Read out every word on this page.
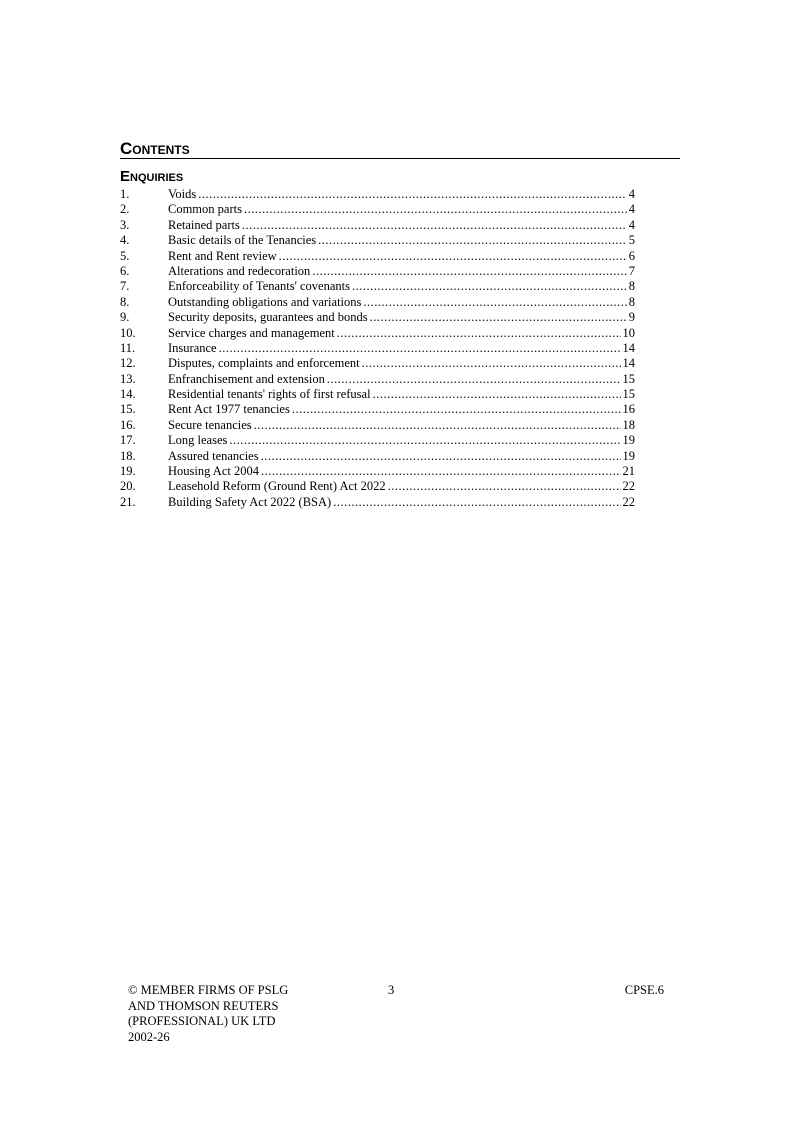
Contents
Enquiries
1.	Voids .....	4
2.	Common parts .....	4
3.	Retained parts .....	4
4.	Basic details of the Tenancies .....	5
5.	Rent and Rent review .....	6
6.	Alterations and redecoration .....	7
7.	Enforceability of Tenants' covenants .....	8
8.	Outstanding obligations and variations .....	8
9.	Security deposits, guarantees and bonds .....	9
10.	Service charges and management .....	10
11.	Insurance .....	14
12.	Disputes, complaints and enforcement .....	14
13.	Enfranchisement and extension .....	15
14.	Residential tenants' rights of first refusal .....	15
15.	Rent Act 1977 tenancies .....	16
16.	Secure tenancies .....	18
17.	Long leases .....	19
18.	Assured tenancies .....	19
19.	Housing Act 2004 .....	21
20.	Leasehold Reform (Ground Rent) Act 2022 .....	22
21.	Building Safety Act 2022 (BSA) .....	22
© MEMBER FIRMS OF PSLG
AND THOMSON REUTERS
(PROFESSIONAL) UK LTD
2002-26
3	CPSE.6
